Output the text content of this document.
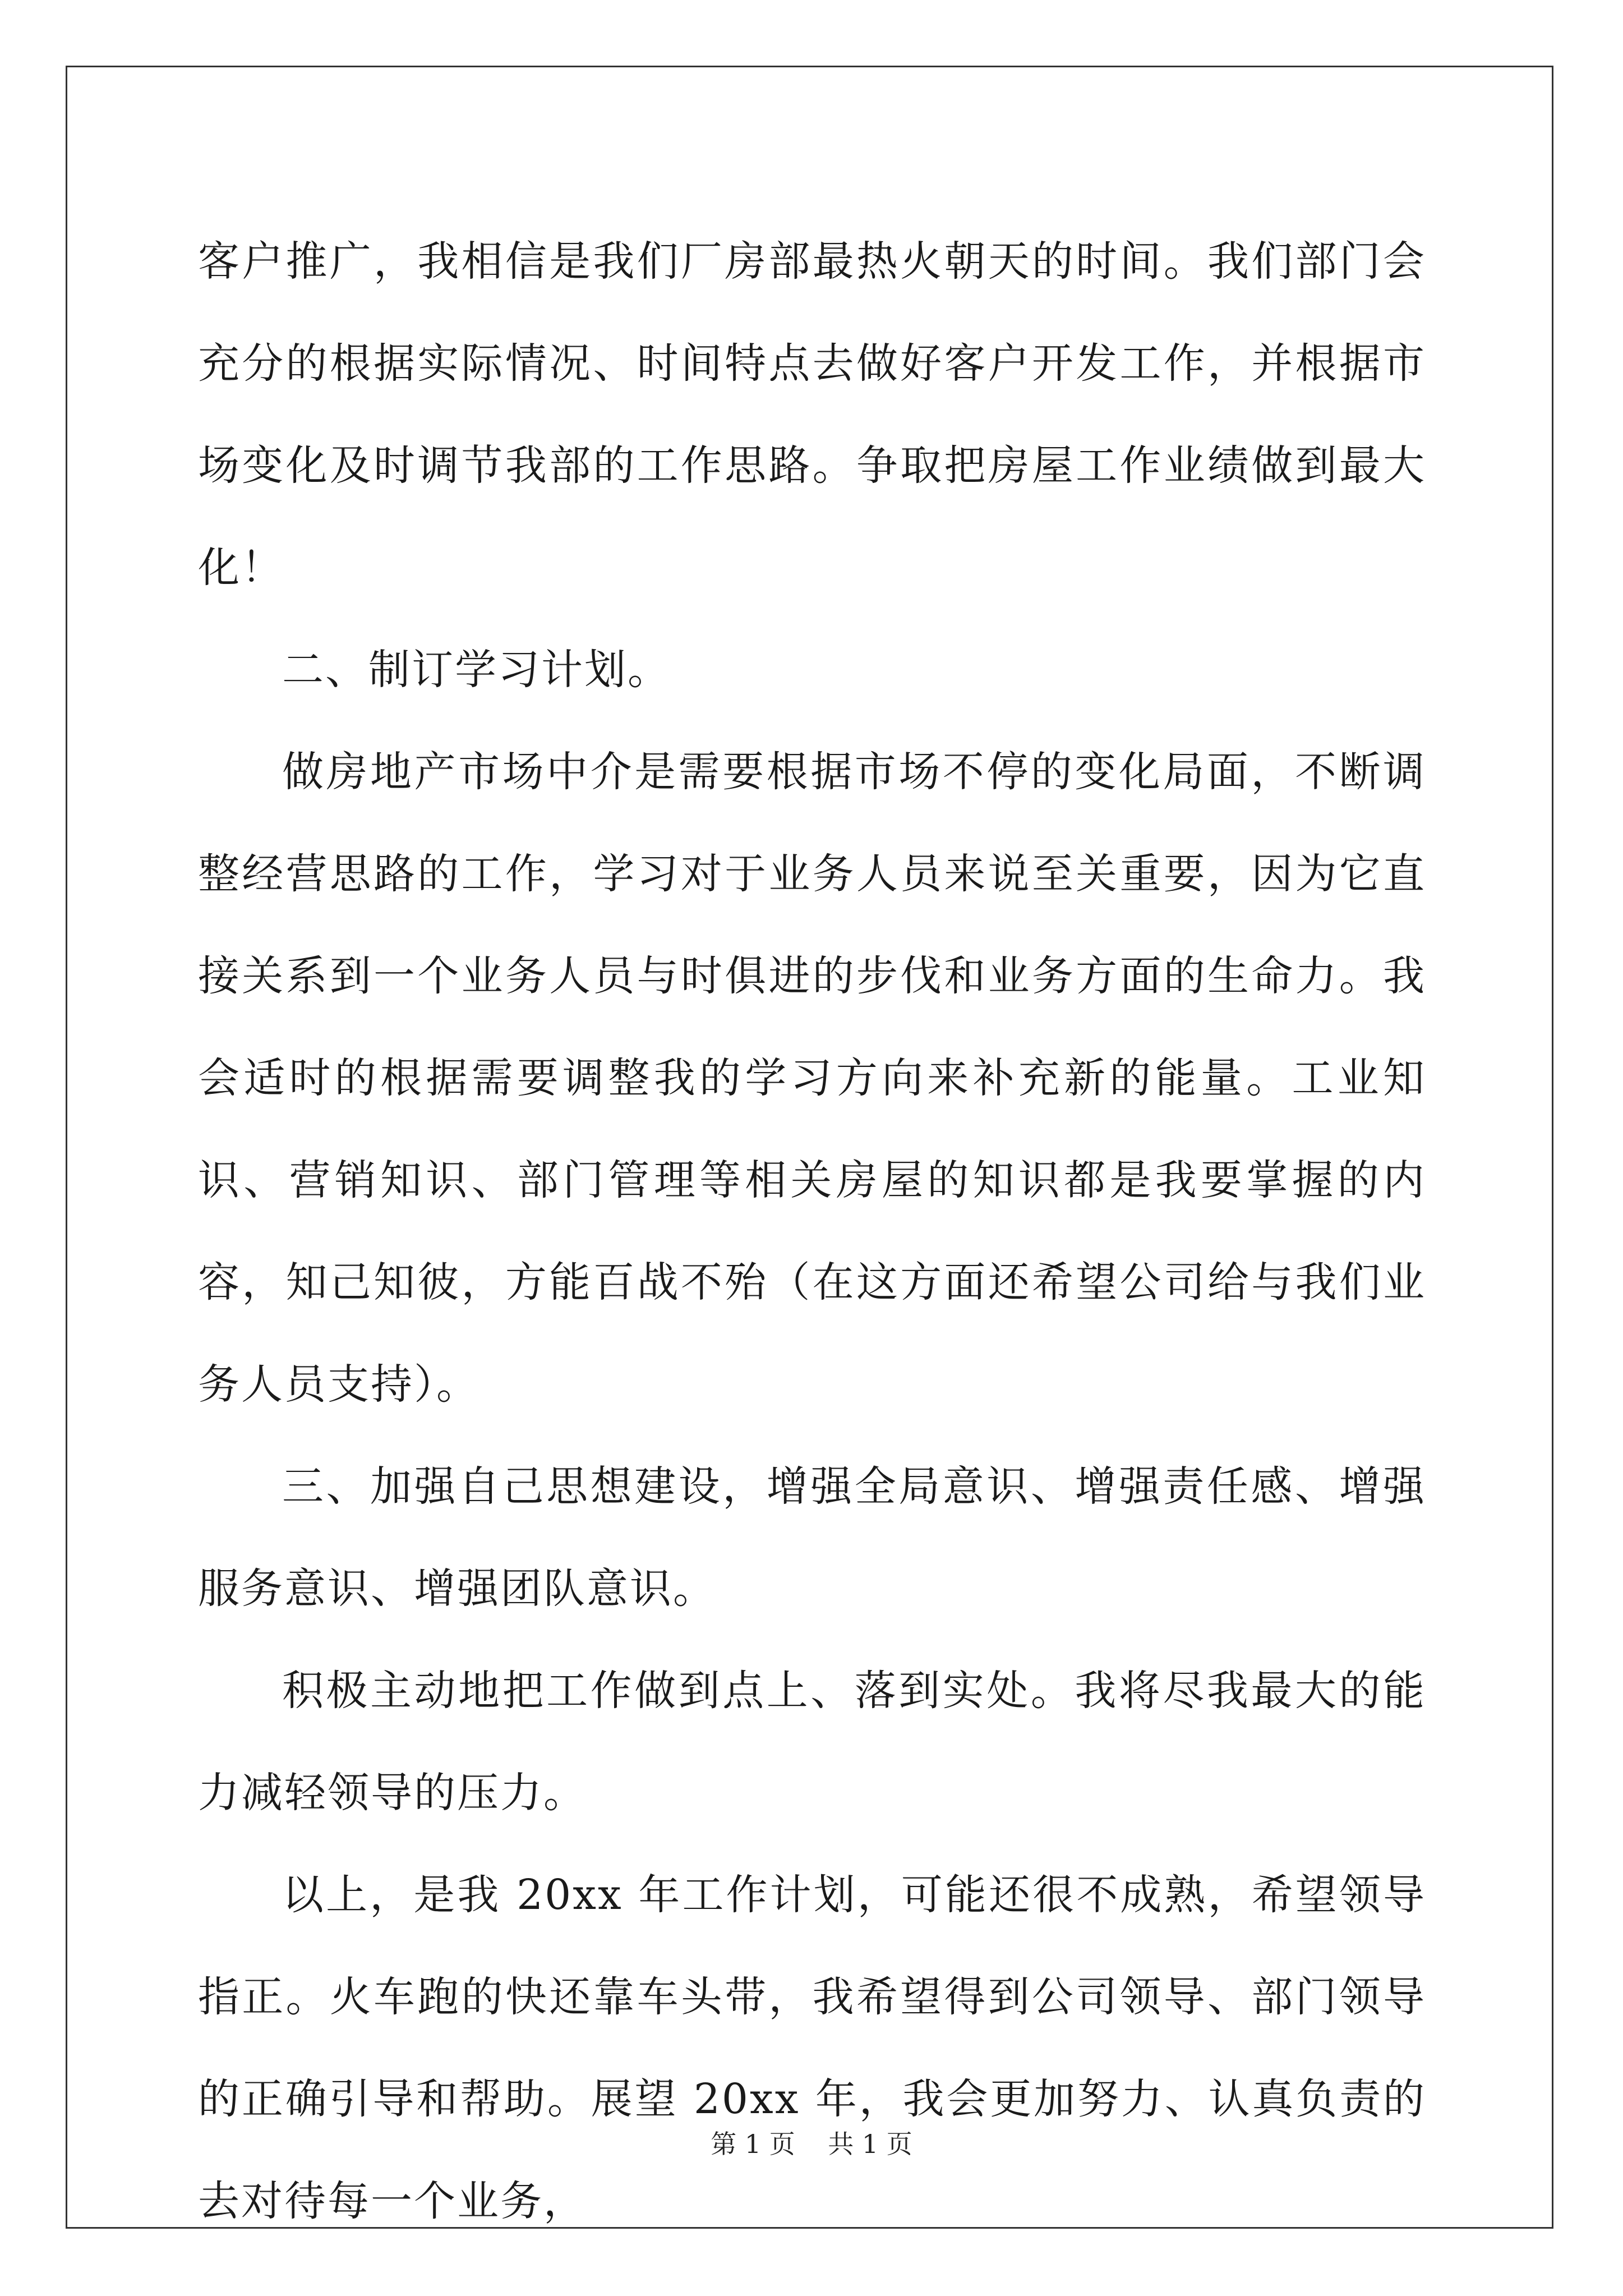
客户推广，我相信是我们厂房部最热火朝天的时间。我们部门会充分的根据实际情况、时间特点去做好客户开发工作，并根据市场变化及时调节我部的工作思路。争取把房屋工作业绩做到最大化！

二、制订学习计划。

做房地产市场中介是需要根据市场不停的变化局面，不断调整经营思路的工作，学习对于业务人员来说至关重要，因为它直接关系到一个业务人员与时俱进的步伐和业务方面的生命力。我会适时的根据需要调整我的学习方向来补充新的能量。工业知识、营销知识、部门管理等相关房屋的知识都是我要掌握的内容，知己知彼，方能百战不殆（在这方面还希望公司给与我们业务人员支持）。

三、加强自己思想建设，增强全局意识、增强责任感、增强服务意识、增强团队意识。

积极主动地把工作做到点上、落到实处。我将尽我最大的能力减轻领导的压力。

以上，是我 20xx 年工作计划，可能还很不成熟，希望领导指正。火车跑的快还靠车头带，我希望得到公司领导、部门领导的正确引导和帮助。展望 20xx 年，我会更加努力、认真负责的去对待每一个业务，

第 1 页 共 1 页
